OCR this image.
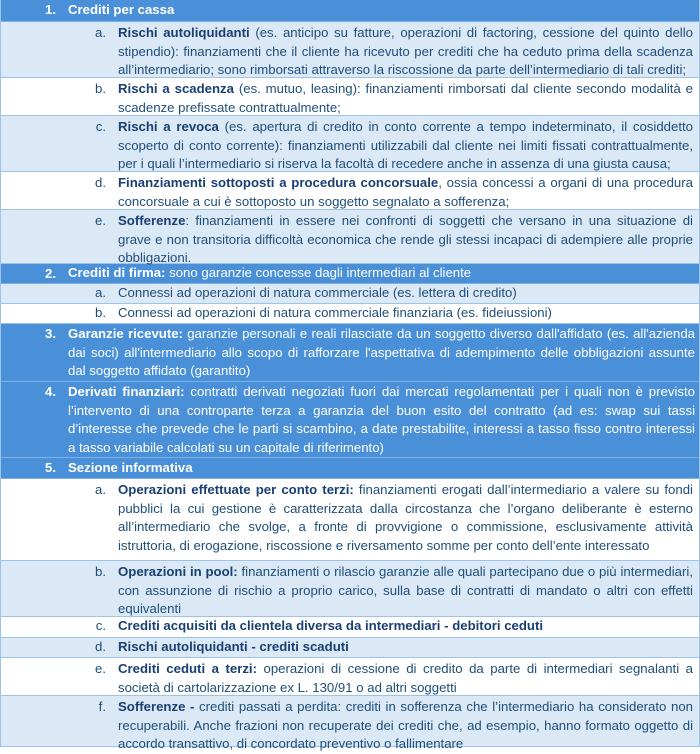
1. Crediti per cassa
a. Rischi autoliquidanti (es. anticipo su fatture, operazioni di factoring, cessione del quinto dello stipendio): finanziamenti che il cliente ha ricevuto per crediti che ha ceduto prima della scadenza all’intermediario; sono rimborsati attraverso la riscossione da parte dell’intermediario di tali crediti;
b. Rischi a scadenza (es. mutuo, leasing): finanziamenti rimborsati dal cliente secondo modalità e scadenze prefissate contrattualmente;
c. Rischi a revoca (es. apertura di credito in conto corrente a tempo indeterminato, il cosiddetto scoperto di conto corrente): finanziamenti utilizzabili dal cliente nei limiti fissati contrattualmente, per i quali l’intermediario si riserva la facoltà di recedere anche in assenza di una giusta causa;
d. Finanziamenti sottoposti a procedura concorsuale, ossia concessi a organi di una procedura concorsuale a cui è sottoposto un soggetto segnalato a sofferenza;
e. Sofferenze: finanziamenti in essere nei confronti di soggetti che versano in una situazione di grave e non transitoria difficoltà economica che rende gli stessi incapaci di adempiere alle proprie obbligazioni.
2. Crediti di firma: sono garanzie concesse dagli intermediari al cliente
a. Connessi ad operazioni di natura commerciale (es. lettera di credito)
b. Connessi ad operazioni di natura commerciale finanziaria (es. fideiussioni)
3. Garanzie ricevute: garanzie personali e reali rilasciate da un soggetto diverso dall'affidato (es. all'azienda dai soci) all'intermediario allo scopo di rafforzare l'aspettativa di adempimento delle obbligazioni assunte dal soggetto affidato (garantito)
4. Derivati finanziari: contratti derivati negoziati fuori dai mercati regolamentati per i quali non è previsto l’intervento di una controparte terza a garanzia del buon esito del contratto (ad es: swap sui tassi d’interesse che prevede che le parti si scambino, a date prestabilite, interessi a tasso fisso contro interessi a tasso variabile calcolati su un capitale di riferimento)
5. Sezione informativa
a. Operazioni effettuate per conto terzi: finanziamenti erogati dall’intermediario a valere su fondi pubblici la cui gestione è caratterizzata dalla circostanza che l’organo deliberante è esterno all’intermediario che svolge, a fronte di provvigione o commissione, esclusivamente attività istruttoria, di erogazione, riscossione e riversamento somme per conto dell’ente interessato
b. Operazioni in pool: finanziamenti o rilascio garanzie alle quali partecipano due o più intermediari, con assunzione di rischio a proprio carico, sulla base di contratti di mandato o altri con effetti equivalenti
c. Crediti acquisiti da clientela diversa da intermediari - debitori ceduti
d. Rischi autoliquidanti - crediti scaduti
e. Crediti ceduti a terzi: operazioni di cessione di credito da parte di intermediari segnalanti a società di cartolarizzazione ex L. 130/91 o ad altri soggetti
f. Sofferenze - crediti passati a perdita: crediti in sofferenza che l’intermediario ha considerato non recuperabili. Anche frazioni non recuperate dei crediti che, ad esempio, hanno formato oggetto di accordo transattivo, di concordato preventivo o fallimentare
